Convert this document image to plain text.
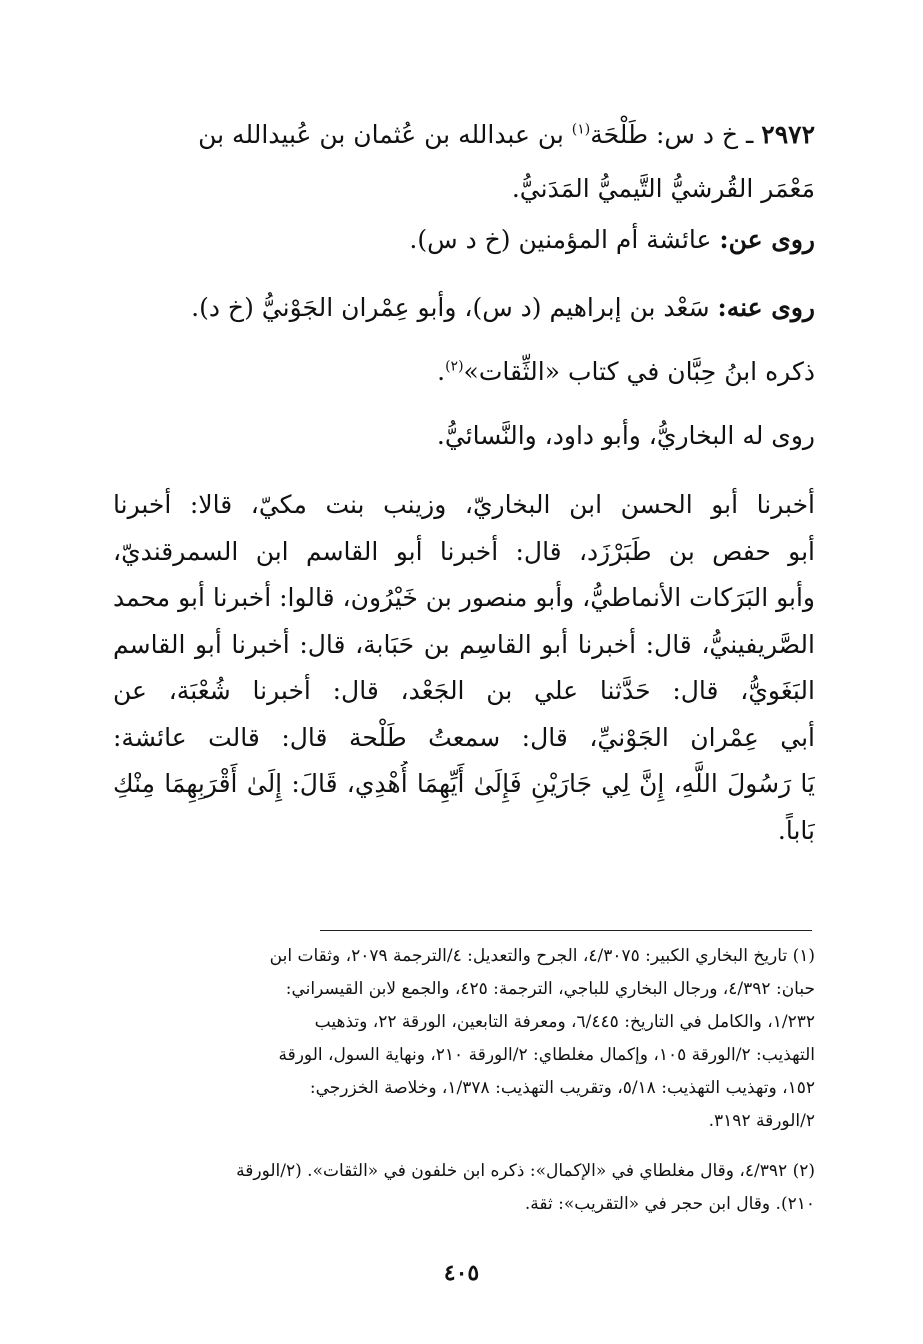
٢٩٧٢ ـ خ د س: طَلْحَة$^{(١)}$ بن عبدالله بن عُثمان بن عُبيدالله بن
مَعْمَر القُرشيُّ التَّيميُّ المَدَنيُّ.
روى عن: عائشة أم المؤمنين (خ د س).
روى عنه: سَعْد بن إبراهيم (د س)، وأبو عِمْران الجَوْنيُّ (خ د).
ذكره ابنُ حِبَّان في كتاب «الثِّقات»$^{(٢)}$.
روى له البخاريُّ، وأبو داود، والنَّسائيُّ.
أخبرنا أبو الحسن ابن البخاريّ، وزينب بنت مكيّ، قالا: أخبرنا
أبو حفص بن طَبَرْزَد، قال: أخبرنا أبو القاسم ابن السمرقنديّ،
وأبو البَرَكات الأنماطيُّ، وأبو منصور بن خَيْرُون، قالوا: أخبرنا أبو محمد
الصَّريفينيُّ، قال: أخبرنا أبو القاسِم بن حَبَابة، قال: أخبرنا أبو القاسم
البَغَويُّ، قال: حَدَّثنا علي بن الجَعْد، قال: أخبرنا شُعْبَة، عن
أبي عِمْران الجَوْنيِّ، قال: سمعتُ طَلْحة قال: قالت عائشة:
يَا رَسُولَ اللَّهِ، إِنَّ لِي جَارَيْنِ فَإِلَىٰ أَيِّهِمَا أُهْدِي، قَالَ: إِلَىٰ أَقْرَبِهِمَا مِنْكِ
بَاباً.
(١) تاريخ البخاري الكبير: ٤/٣٠٧٥، الجرح والتعديل: ٤/الترجمة ٢٠٧٩، وثقات ابن
حبان: ٤/٣٩٢، ورجال البخاري للباجي، الترجمة: ٤٢٥، والجمع لابن القيسراني:
١/٢٣٢، والكامل في التاريخ: ٦/٤٤٥، ومعرفة التابعين، الورقة ٢٢، وتذهيب
التهذيب: ٢/الورقة ١٠٥، وإكمال مغلطاي: ٢/الورقة ٢١٠، ونهاية السول، الورقة
١٥٢، وتهذيب التهذيب: ٥/١٨، وتقريب التهذيب: ١/٣٧٨، وخلاصة الخزرجي:
٢/الورقة ٣١٩٢.
(٢) ٤/٣٩٢، وقال مغلطاي في «الإكمال»: ذكره ابن خلفون في «الثقات». (٢/الورقة
٢١٠). وقال ابن حجر في «التقريب»: ثقة.
٤٠٥
